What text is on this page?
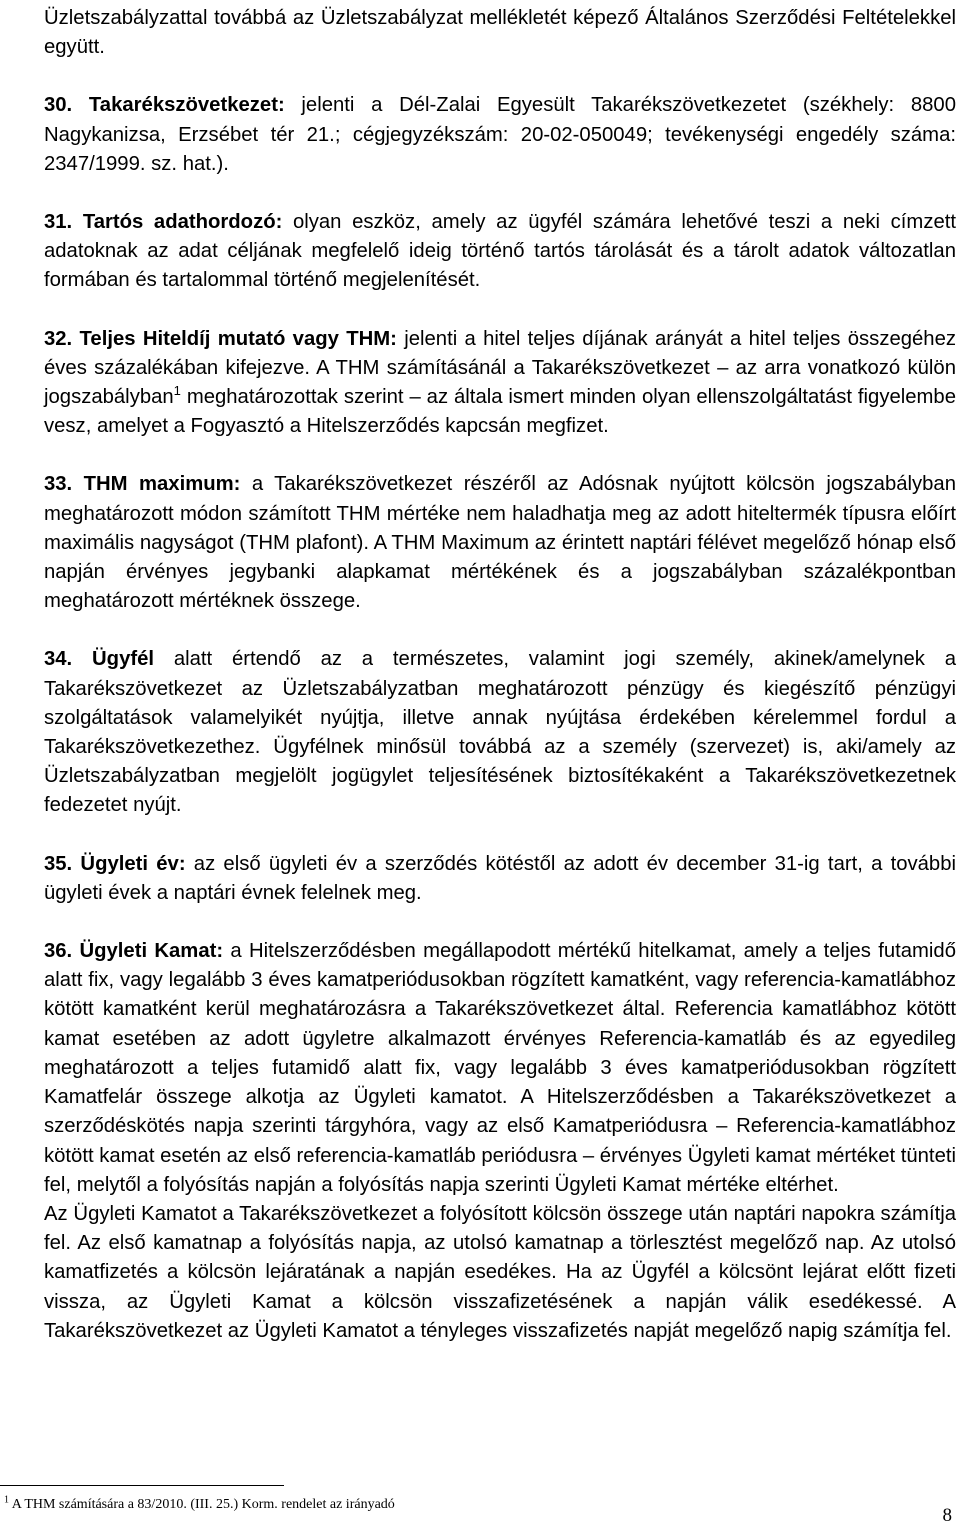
Üzletszabályzattal továbbá az Üzletszabályzat mellékletét képező Általános Szerződési Feltételekkel együtt.

30. Takarékszövetkezet: jelenti a Dél-Zalai Egyesült Takarékszövetkezetet (székhely: 8800 Nagykanizsa, Erzsébet tér 21.; cégjegyzékszám: 20-02-050049; tevékenységi engedély száma: 2347/1999. sz. hat.).

31. Tartós adathordozó: olyan eszköz, amely az ügyfél számára lehetővé teszi a neki címzett adatoknak az adat céljának megfelelő ideig történő tartós tárolását és a tárolt adatok változatlan formában és tartalommal történő megjelenítését.

32. Teljes Hiteldíj mutató vagy THM: jelenti a hitel teljes díjának arányát a hitel teljes összegéhez éves százalékában kifejezve. A THM számításánál a Takarékszövetkezet – az arra vonatkozó külön jogszabályban$^1$ meghatározottak szerint – az általa ismert minden olyan ellenszolgáltatást figyelembe vesz, amelyet a Fogyasztó a Hitelszerződés kapcsán megfizet.

33. THM maximum: a Takarékszövetkezet részéről az Adósnak nyújtott kölcsön jogszabályban meghatározott módon számított THM mértéke nem haladhatja meg az adott hiteltermék típusra előírt maximális nagyságot (THM plafont). A THM Maximum az érintett naptári félévet megelőző hónap első napján érvényes jegybanki alapkamat mértékének és a jogszabályban százalékpontban meghatározott mértéknek összege.

34. Ügyfél alatt értendő az a természetes, valamint jogi személy, akinek/amelynek a Takarékszövetkezet az Üzletszabályzatban meghatározott pénzügy és kiegészítő pénzügyi szolgáltatások valamelyikét nyújtja, illetve annak nyújtása érdekében kérelemmel fordul a Takarékszövetkezethez. Ügyfélnek minősül továbbá az a személy (szervezet) is, aki/amely az Üzletszabályzatban megjelölt jogügylet teljesítésének biztosítékaként a Takarékszövetkezetnek fedezetet nyújt.

35. Ügyleti év: az első ügyleti év a szerződés kötéstől az adott év december 31-ig tart, a további ügyleti évek a naptári évnek felelnek meg.

36. Ügyleti Kamat: a Hitelszerződésben megállapodott mértékű hitelkamat, amely a teljes futamidő alatt fix, vagy legalább 3 éves kamatperiódusokban rögzített kamatként, vagy referencia-kamatlábhoz kötött kamatként kerül meghatározásra a Takarékszövetkezet által. Referencia kamatlábhoz kötött kamat esetében az adott ügyletre alkalmazott érvényes Referencia-kamatláb és az egyedileg meghatározott a teljes futamidő alatt fix, vagy legalább 3 éves kamatperiódusokban rögzített Kamatfelár összege alkotja az Ügyleti kamatot. A Hitelszerződésben a Takarékszövetkezet a szerződéskötés napja szerinti tárgyhóra, vagy az első Kamatperiódusra – Referencia-kamatlábhoz kötött kamat esetén az első referencia-kamatláb periódusra – érvényes Ügyleti kamat mértéket tünteti fel, melytől a folyósítás napján a folyósítás napja szerinti Ügyleti Kamat mértéke eltérhet.

Az Ügyleti Kamatot a Takarékszövetkezet a folyósított kölcsön összege után naptári napokra számítja fel. Az első kamatnap a folyósítás napja, az utolsó kamatnap a törlesztést megelőző nap. Az utolsó kamatfizetés a kölcsön lejáratának a napján esedékes. Ha az Ügyfél a kölcsönt lejárat előtt fizeti vissza, az Ügyleti Kamat a kölcsön visszafizetésének a napján válik esedékessé. A Takarékszövetkezet az Ügyleti Kamatot a tényleges visszafizetés napját megelőző napig számítja fel.

$^1$ A THM számítására a 83/2010. (III. 25.) Korm. rendelet az irányadó
8
